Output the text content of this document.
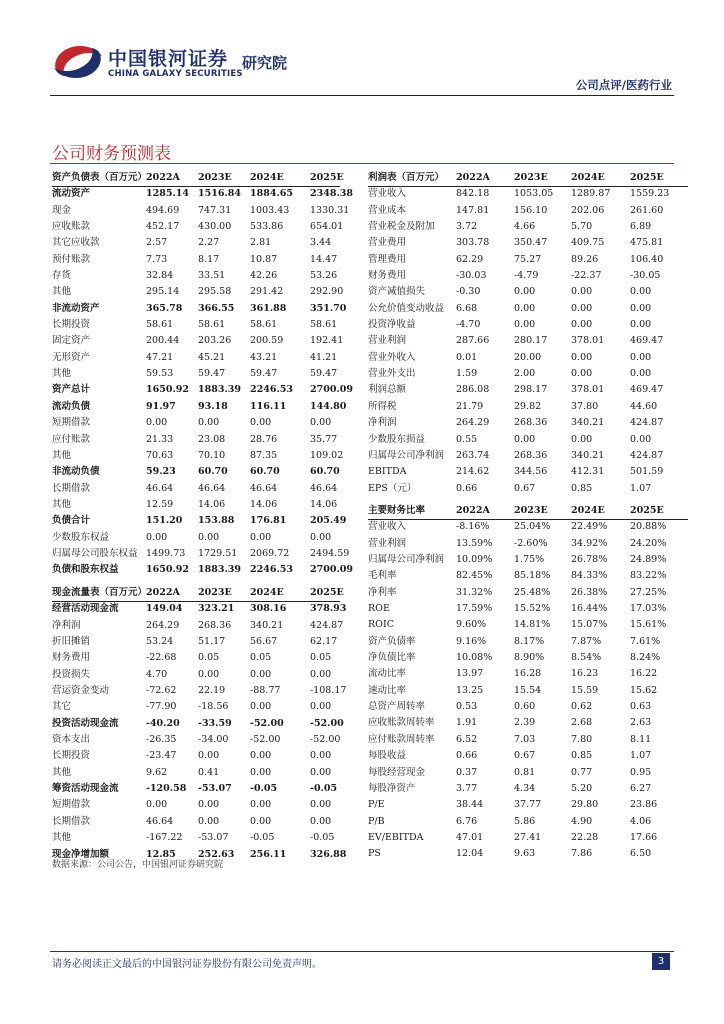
中国银河证券
CHINA GALAXY SECURITIES
研究院
公司点评/医药行业
公司财务预测表
资产负债表（百万元）
2022A 2023E 2024E	2025E
流动资产	1285.14 1516.84 1884.65 2348.38
现金	494.69 747.31 1003.43 1330.31
应收账款	452.17 430.00 533.86	654.01
其它应收款	2.57	2.27	2.81	3.44
预付账款	7.73	8.17	10.87	14.47
存货	32.84	33.51	42.26	53.26
其他	295.14 295.58 291.42	292.90
非流动资产	365.78 366.55 361.88 351.70
长期投资	58.61	58.61	58.61	58.61
固定资产	200.44 203.26 200.59	192.41
无形资产	47.21	45.21	43.21	41.21
其他	59.53	59.47	59.47	59.47
资产总计	1650.92 1883.39 2246.53 2700.09
流动负债	91.97 93.18 116.11 144.80
短期借款	0.00	0.00	0.00	0.00
应付账款	21.33	23.08	28.76	35.77
其他	70.63	70.10	87.35	109.02
非流动负债	59.23 60.70 60.70	60.70
长期借款	46.64	46.64	46.64	46.64
其他	12.59	14.06	14.06	14.06
负债合计	151.20 153.88 176.81 205.49
少数股东权益	0.00	0.00	0.00	0.00
归属母公司股东权益 1499.73 1729.51 2069.72 2494.59
负债和股东权益	1650.92 1883.39 2246.53 2700.09
利润表（百万元） 2022A	2023E 2024E	2025E
营业收入	842.18	1053.05 1289.87 1559.23
营业成本	147.81	156.10	202.06	261.60
营业税金及附加 3.72	4.66	5.70	6.89
营业费用	303.78	350.47	409.75	475.81
管理费用	62.29	75.27	89.26	106.40
财务费用	-30.03	-4.79	-22.37	-30.05
资产减值损失	-0.30	0.00	0.00	0.00
公允价值变动收益 6.68	0.00	0.00	0.00
投资净收益	-4.70	0.00	0.00	0.00
营业利润	287.66	280.17	378.01	469.47
营业外收入	0.01	20.00	0.00	0.00
营业外支出	1.59	2.00	0.00	0.00
利润总额	286.08	298.17	378.01	469.47
所得税	21.79	29.82	37.80	44.60
净利润	264.29	268.36	340.21	424.87
少数股东损益	0.55	0.00	0.00	0.00
归属母公司净利润 263.74	268.36	340.21	424.87
EBITDA	214.62	344.56	412.31	501.59
EPS（元）	0.66	0.67	0.85	1.07
现金流量表（百万元）
2022A 2023E 2024E	2025E
经营活动现金流	149.04 323.21 308.16 378.93
净利润	264.29 268.36 340.21	424.87
折旧摊销	53.24	51.17	56.67	62.17
财务费用	-22.68 0.05	0.05	0.05
投资损失	4.70	0.00	0.00	0.00
营运资金变动	-72.62 22.19	-88.77	-108.17
其它	-77.90 -18.56 0.00	0.00
投资活动现金流	-40.20 -33.59 -52.00	-52.00
资本支出	-26.35 -34.00 -52.00	-52.00
长期投资	-23.47 0.00	0.00	0.00
其他	9.62	0.41	0.00	0.00
筹资活动现金流	-120.58 -53.07 -0.05	-0.05
短期借款	0.00	0.00	0.00	0.00
长期借款	46.64	0.00	0.00	0.00
其他	-167.22 -53.07 -0.05	-0.05
现金净增加额	12.85 252.63 256.11 326.88
主要财务比率	2022A	2023E 2024E	2025E
营业收入	-8.16%	25.04% 22.49% 20.88%
营业利润	13.59% -2.60% 34.92% 24.20%
归属母公司净利润 10.09% 1.75%	26.78% 24.89%
毛利率	82.45% 85.18% 84.33% 83.22%
净利率	31.32% 25.48% 26.38% 27.25%
ROE	17.59% 15.52% 16.44% 17.03%
ROIC	9.60%	14.81% 15.07% 15.61%
资产负债率	9.16%	8.17%	7.87%	7.61%
净负债比率	10.08% 8.90%	8.54%	8.24%
流动比率	13.97	16.28	16.23	16.22
速动比率	13.25	15.54	15.59	15.62
总资产周转率	0.53	0.60	0.62	0.63
应收账款周转率 1.91	2.39	2.68	2.63
应付账款周转率 6.52	7.03	7.80	8.11
每股收益	0.66	0.67	0.85	1.07
每股经营现金	0.37	0.81	0.77	0.95
每股净资产	3.77	4.34	5.20	6.27
P/E	38.44	37.77	29.80	23.86
P/B	6.76	5.86	4.90	4.06
EV/EBITDA	47.01	27.41	22.28	17.66
PS	12.04	9.63	7.86	6.50
数据来源：公司公告，中国银河证券研究院
请务必阅读正文最后的中国银河证券股份有限公司免责声明。	3
